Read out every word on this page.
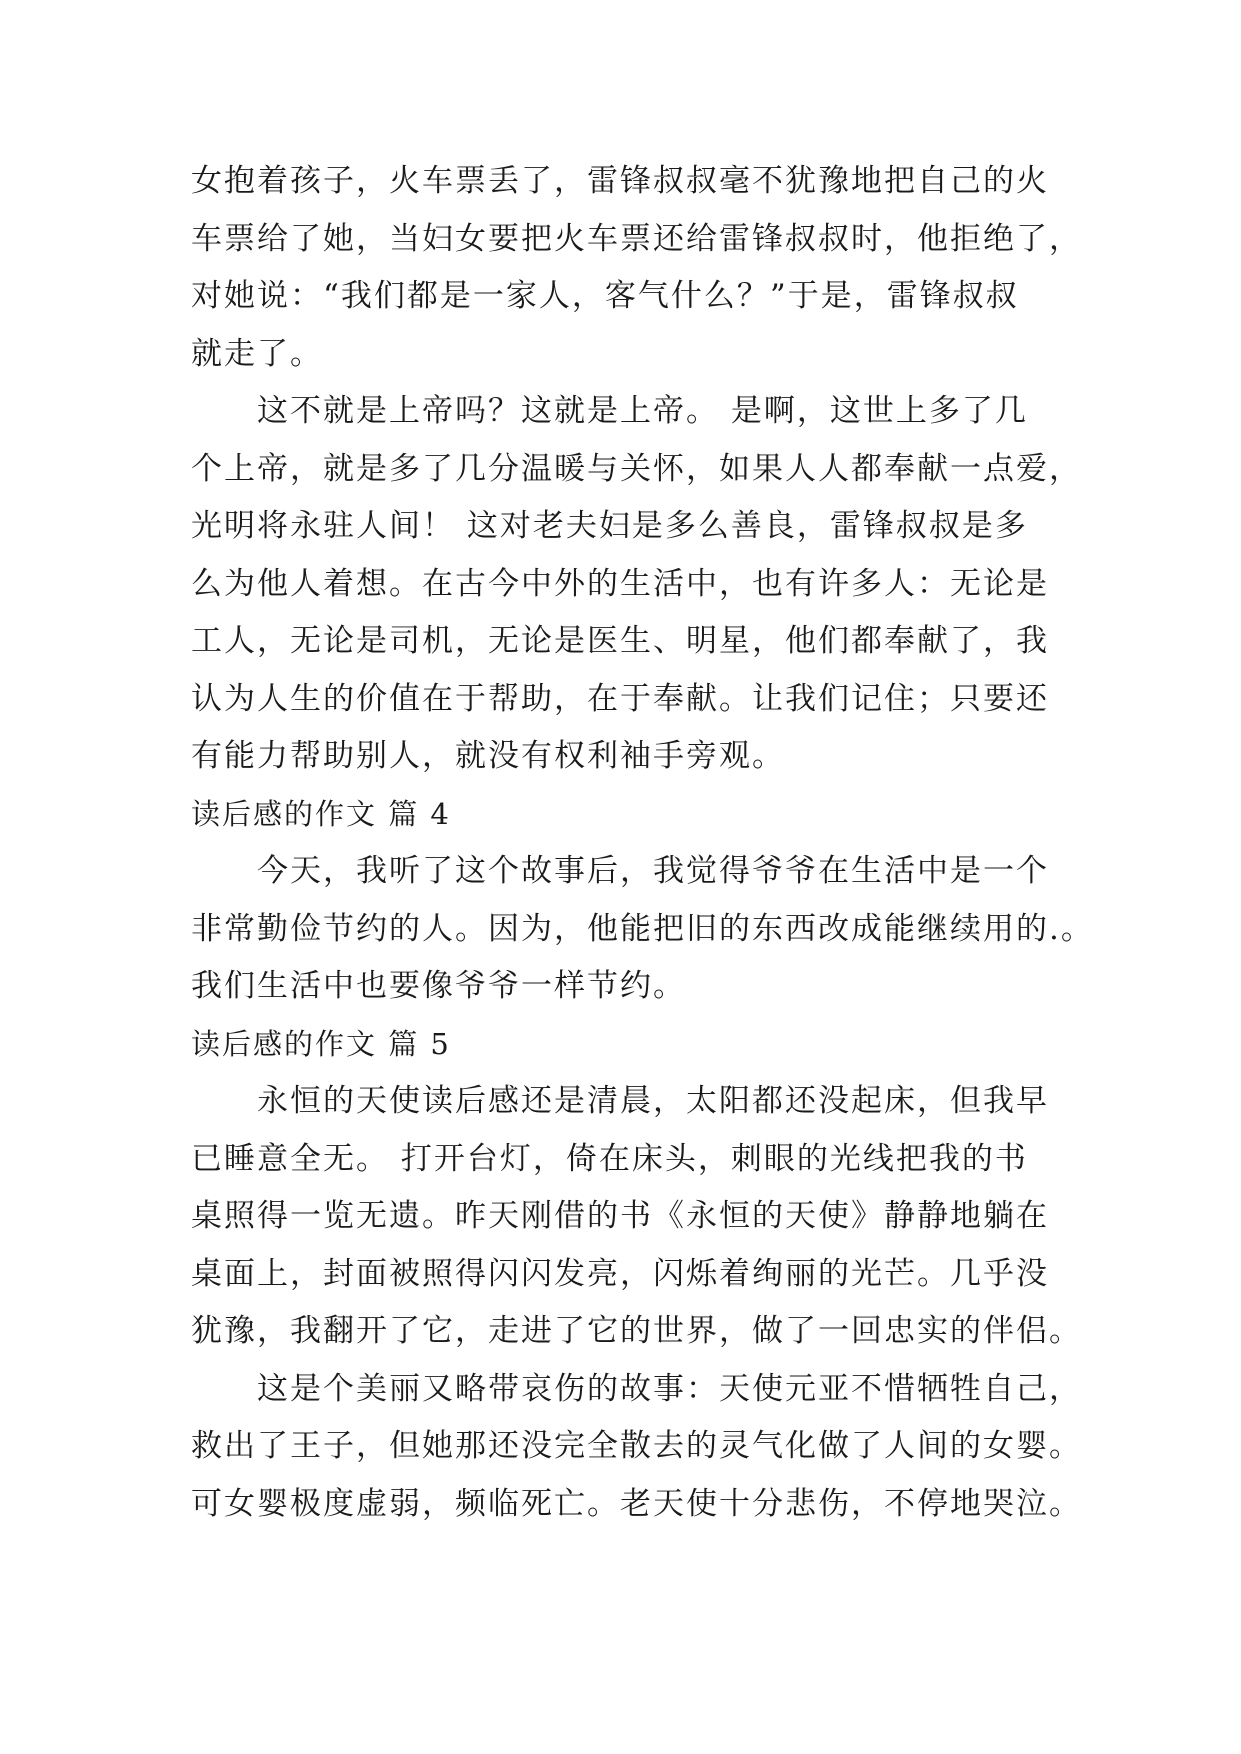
女抱着孩子，火车票丢了，雷锋叔叔毫不犹豫地把自己的火
车票给了她，当妇女要把火车票还给雷锋叔叔时，他拒绝了，
对她说：“我们都是一家人，客气什么？”于是，雷锋叔叔
就走了。

这不就是上帝吗？这就是上帝。 是啊，这世上多了几
个上帝，就是多了几分温暖与关怀，如果人人都奉献一点爱，
光明将永驻人间！ 这对老夫妇是多么善良，雷锋叔叔是多
么为他人着想。在古今中外的生活中，也有许多人：无论是
工人，无论是司机，无论是医生、明星，他们都奉献了，我
认为人生的价值在于帮助，在于奉献。让我们记住；只要还
有能力帮助别人，就没有权利袖手旁观。

读后感的作文 篇 4

今天，我听了这个故事后，我觉得爷爷在生活中是一个
非常勤俭节约的人。因为，他能把旧的东西改成能继续用的.。
我们生活中也要像爷爷一样节约。

读后感的作文 篇 5

永恒的天使读后感还是清晨，太阳都还没起床，但我早
已睡意全无。 打开台灯，倚在床头，刺眼的光线把我的书
桌照得一览无遗。昨天刚借的书《永恒的天使》静静地躺在
桌面上，封面被照得闪闪发亮，闪烁着绚丽的光芒。几乎没
犹豫，我翻开了它，走进了它的世界，做了一回忠实的伴侣。

这是个美丽又略带哀伤的故事：天使元亚不惜牺牲自己，
救出了王子，但她那还没完全散去的灵气化做了人间的女婴。
可女婴极度虚弱，频临死亡。老天使十分悲伤，不停地哭泣。
